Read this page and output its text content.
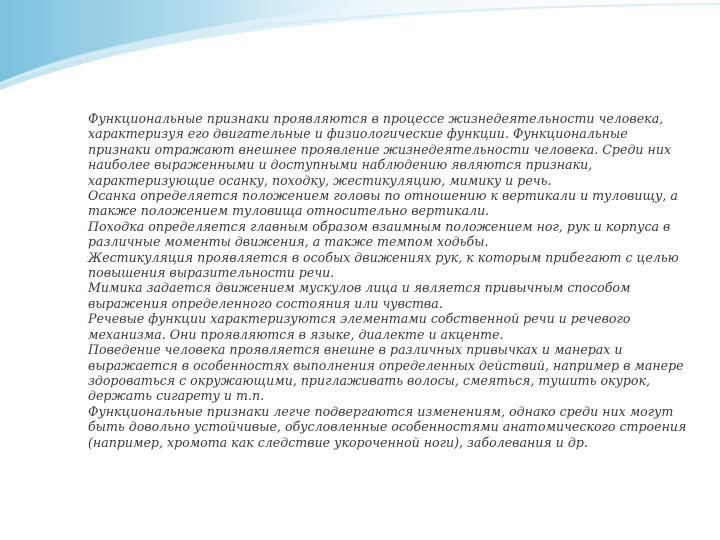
Функциональные признаки проявляются в процессе жизнедеятельности человека, характеризуя его двигательные и физиологические функции. Функциональные признаки отражают внешнее проявление жизнедеятельности человека. Среди них наиболее выраженными и доступными наблюдению являются признаки, характеризующие осанку, походку, жестикуляцию, мимику и речь.

Осанка определяется положением головы по отношению к вертикали и туловищу, а также положением туловища относительно вертикали.

Походка определяется главным образом взаимным положением ног, рук и корпуса в различные моменты движения, а также темпом ходьбы.

Жестикуляция проявляется в особых движениях рук, к которым прибегают с целью повышения выразительности речи.

Мимика задается движением мускулов лица и является привычным способом выражения определенного состояния или чувства.

Речевые функции характеризуются элементами собственной речи и речевого механизма. Они проявляются в языке, диалекте и акценте.

Поведение человека проявляется внешне в различных привычках и манерах и выражается в особенностях выполнения определенных действий, например в манере здороваться с окружающими, приглаживать волосы, смеяться, тушить окурок, держать сигарету и т.п.

Функциональные признаки легче подвергаются изменениям, однако среди них могут быть довольно устойчивые, обусловленные особенностями анатомического строения (например, хромота как следствие укороченной ноги), заболевания и др.
